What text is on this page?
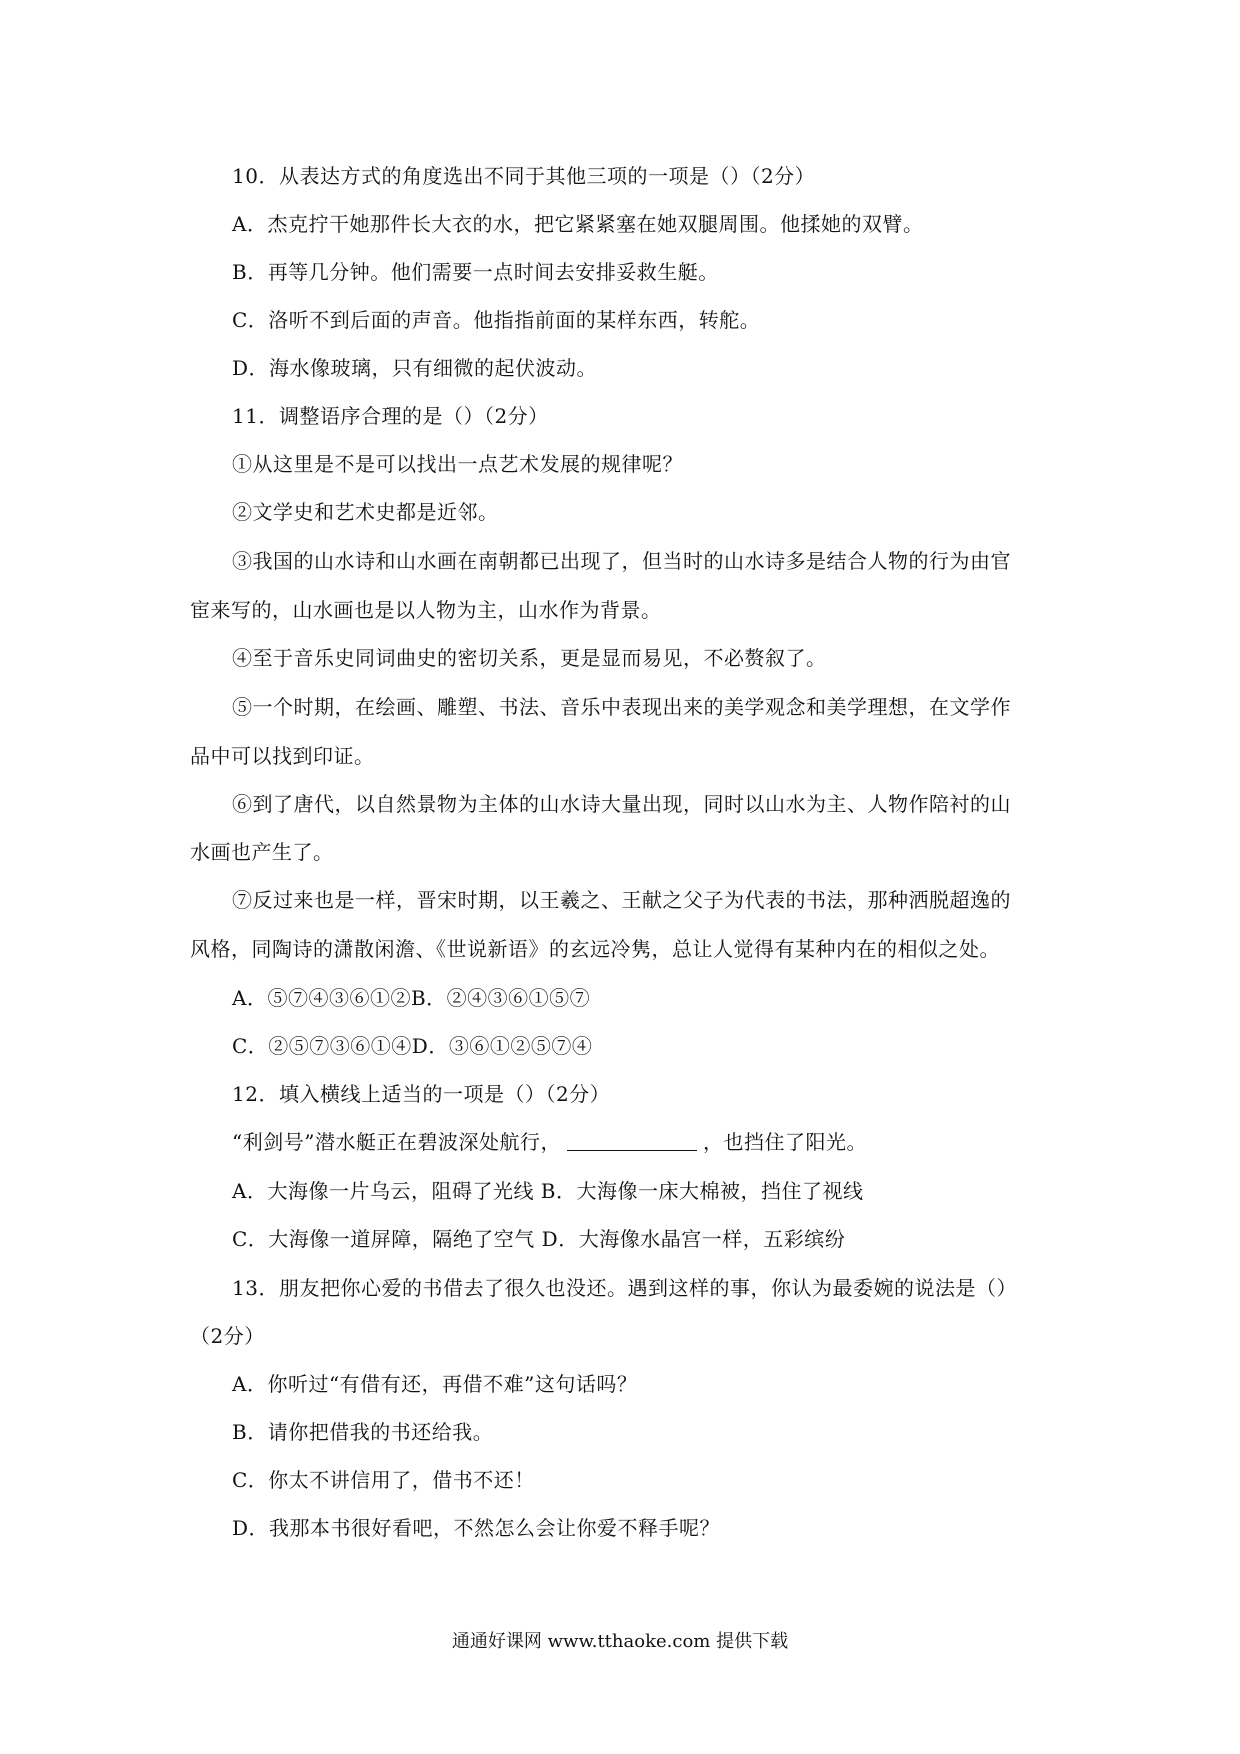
10．从表达方式的角度选出不同于其他三项的一项是（）（2分）
A．杰克拧干她那件长大衣的水，把它紧紧塞在她双腿周围。他揉她的双臂。
B．再等几分钟。他们需要一点时间去安排妥救生艇。
C．洛听不到后面的声音。他指指前面的某样东西，转舵。
D．海水像玻璃，只有细微的起伏波动。
11．调整语序合理的是（）（2分）
①从这里是不是可以找出一点艺术发展的规律呢？
②文学史和艺术史都是近邻。
③我国的山水诗和山水画在南朝都已出现了，但当时的山水诗多是结合人物的行为由官
宦来写的，山水画也是以人物为主，山水作为背景。
④至于音乐史同词曲史的密切关系，更是显而易见，不必赘叙了。
⑤一个时期，在绘画、雕塑、书法、音乐中表现出来的美学观念和美学理想，在文学作
品中可以找到印证。
⑥到了唐代，以自然景物为主体的山水诗大量出现，同时以山水为主、人物作陪衬的山
水画也产生了。
⑦反过来也是一样，晋宋时期，以王羲之、王献之父子为代表的书法，那种洒脱超逸的
风格，同陶诗的潇散闲澹、《世说新语》的玄远冷隽，总让人觉得有某种内在的相似之处。
A．⑤⑦④③⑥①②B．②④③⑥①⑤⑦
C．②⑤⑦③⑥①④D．③⑥①②⑤⑦④
12．填入横线上适当的一项是（）（2分）
“利剑号”潜水艇正在碧波深处航行，	，也挡住了阳光。
A．大海像一片乌云，阻碍了光线 B．大海像一床大棉被，挡住了视线
C．大海像一道屏障，隔绝了空气 D．大海像水晶宫一样，五彩缤纷
13．朋友把你心爱的书借去了很久也没还。遇到这样的事，你认为最委婉的说法是（）
（2分）
A．你听过“有借有还，再借不难”这句话吗？
B．请你把借我的书还给我。
C．你太不讲信用了，借书不还！
D．我那本书很好看吧，不然怎么会让你爱不释手呢？
通通好课网 www.tthaoke.com 提供下载
